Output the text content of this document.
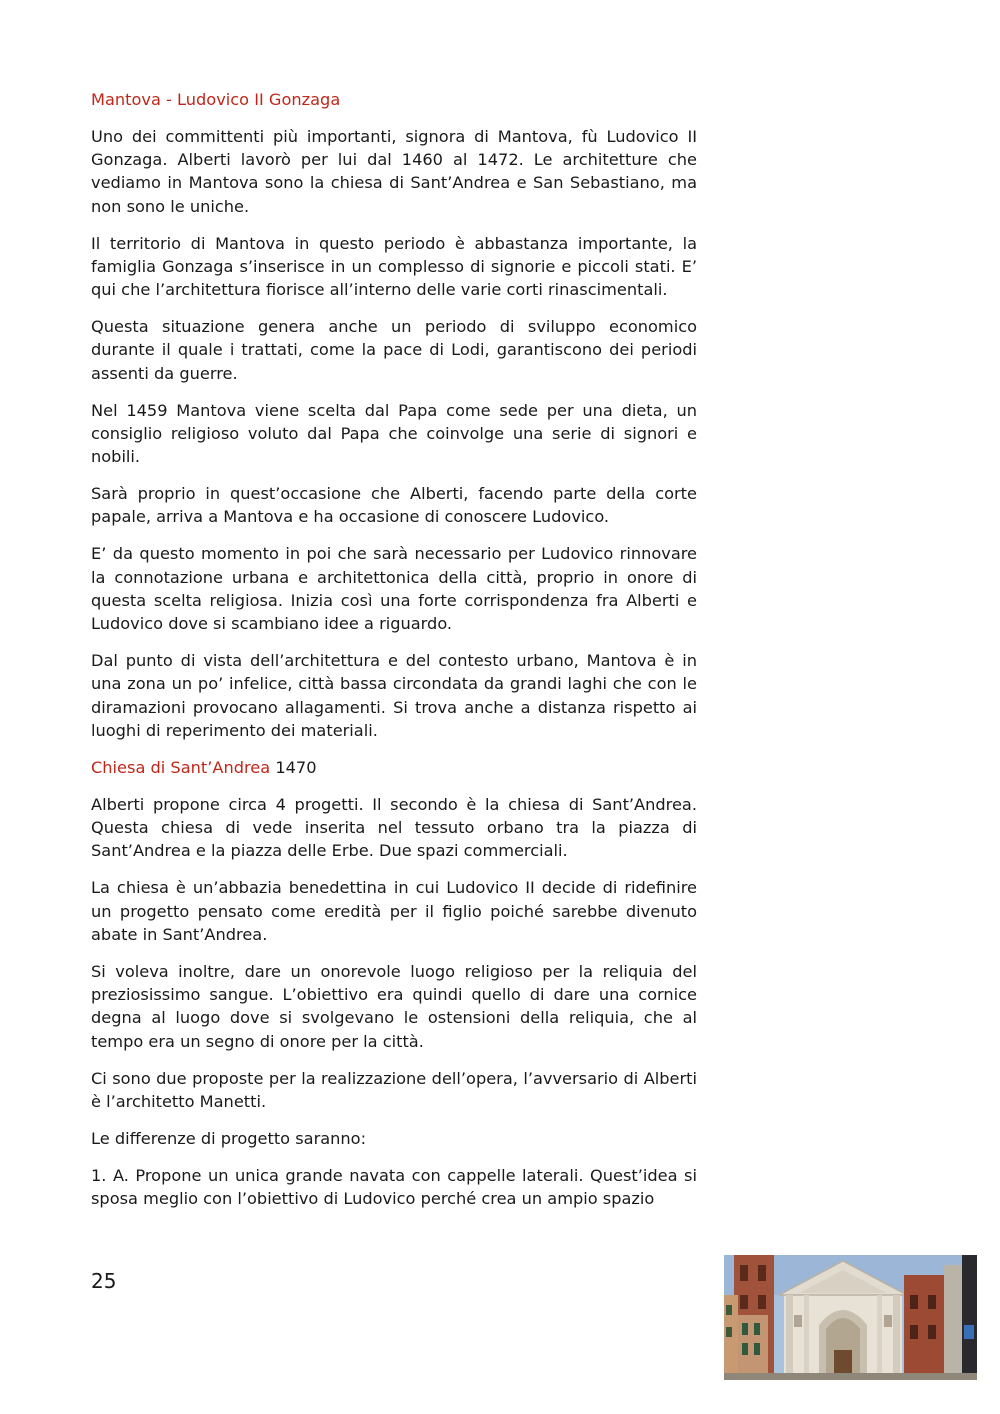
Mantova - Ludovico II Gonzaga

Uno dei committenti più importanti, signora di Mantova, fù Ludovico II Gonzaga. Alberti lavorò per lui dal 1460 al 1472. Le architetture che vediamo in Mantova sono la chiesa di Sant’Andrea e San Sebastiano, ma non sono le uniche.

Il territorio di Mantova in questo periodo è abbastanza importante, la famiglia Gonzaga s’inserisce in un complesso di signorie e piccoli stati. E’ qui che l’architettura fiorisce all’interno delle varie corti rinascimentali.

Questa situazione genera anche un periodo di sviluppo economico durante il quale i trattati, come la pace di Lodi, garantiscono dei periodi assenti da guerre.

Nel 1459 Mantova viene scelta dal Papa come sede per una dieta, un consiglio religioso voluto dal Papa che coinvolge una serie di signori e nobili.

Sarà proprio in quest’occasione che Alberti, facendo parte della corte papale, arriva a Mantova e ha occasione di conoscere Ludovico.

E’ da questo momento in poi che sarà necessario per Ludovico rinnovare la connotazione urbana e architettonica della città, proprio in onore di questa scelta religiosa. Inizia così una forte corrispondenza fra Alberti e Ludovico dove si scambiano idee a riguardo.

Dal punto di vista dell’architettura e del contesto urbano, Mantova è in una zona un po’ infelice, città bassa circondata da grandi laghi che con le diramazioni provocano allagamenti. Si trova anche a distanza rispetto ai luoghi di reperimento dei materiali.

Chiesa di Sant’Andrea 1470

Alberti propone circa 4 progetti. Il secondo è la chiesa di Sant’Andrea. Questa chiesa di vede inserita nel tessuto orbano tra la piazza di Sant’Andrea e la piazza delle Erbe. Due spazi commerciali.

La chiesa è un’abbazia benedettina in cui Ludovico II decide di ridefinire un progetto pensato come eredità per il figlio poiché sarebbe divenuto abate in Sant’Andrea.

Si voleva inoltre, dare un onorevole luogo religioso per la reliquia del preziosissimo sangue. L’obiettivo era quindi quello di dare una cornice degna al luogo dove si svolgevano le ostensioni della reliquia, che al tempo era un segno di onore per la città.

Ci sono due proposte per la realizzazione dell’opera, l’avversario di Alberti è l’architetto Manetti.

Le differenze di progetto saranno:

1. A. Propone un unica grande navata con cappelle laterali. Quest’idea si sposa meglio con l’obiettivo di Ludovico perché crea un ampio spazio

25
